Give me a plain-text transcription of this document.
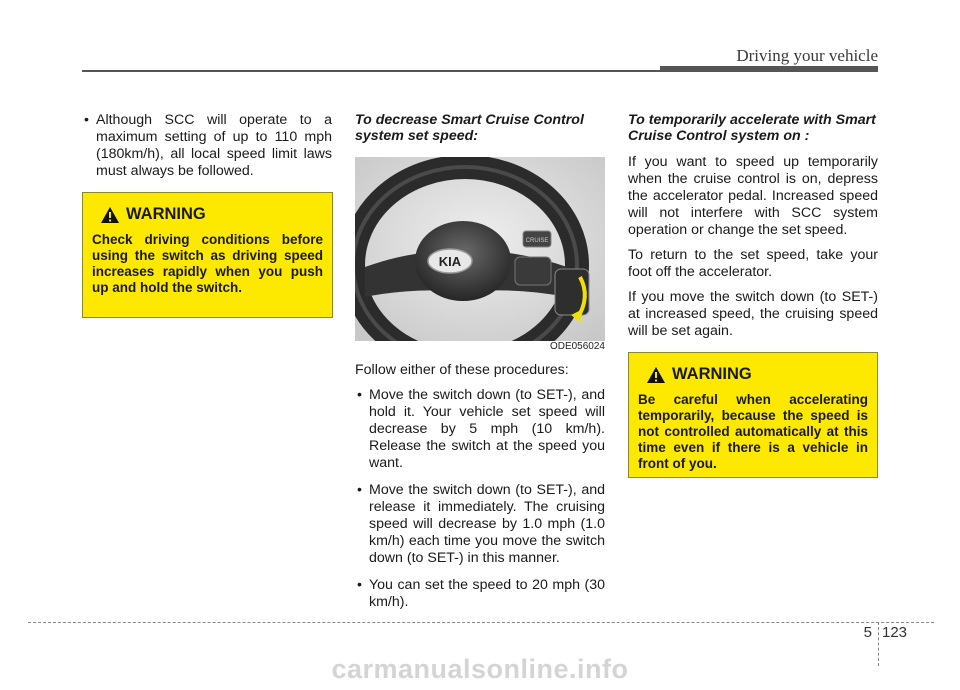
Driving your vehicle
• Although SCC will operate to a maximum setting of up to 110 mph (180km/h), all local speed limit laws must always be followed.
WARNING
Check driving conditions before using the switch as driving speed increases rapidly when you push up and hold the switch.
To decrease Smart Cruise Control system set speed:
KIA
CRUISE
ODE056024

Follow either of these procedures:

• Move the switch down (to SET-), and hold it. Your vehicle set speed will decrease by 5 mph (10 km/h). Release the switch at the speed you want.
• Move the switch down (to SET-), and release it immediately. The cruising speed will decrease by 1.0 mph (1.0 km/h) each time you move the switch down (to SET-) in this manner.
• You can set the speed to 20 mph (30 km/h).
To temporarily accelerate with Smart Cruise Control system on :

If you want to speed up temporarily when the cruise control is on, depress the accelerator pedal. Increased speed will not interfere with SCC system operation or change the set speed.

To return to the set speed, take your foot off the accelerator.

If you move the switch down (to SET-) at increased speed, the cruising speed will be set again.

WARNING
Be careful when accelerating temporarily, because the speed is not controlled automatically at this time even if there is a vehicle in front of you.
5 123
carmanualsonline.info
